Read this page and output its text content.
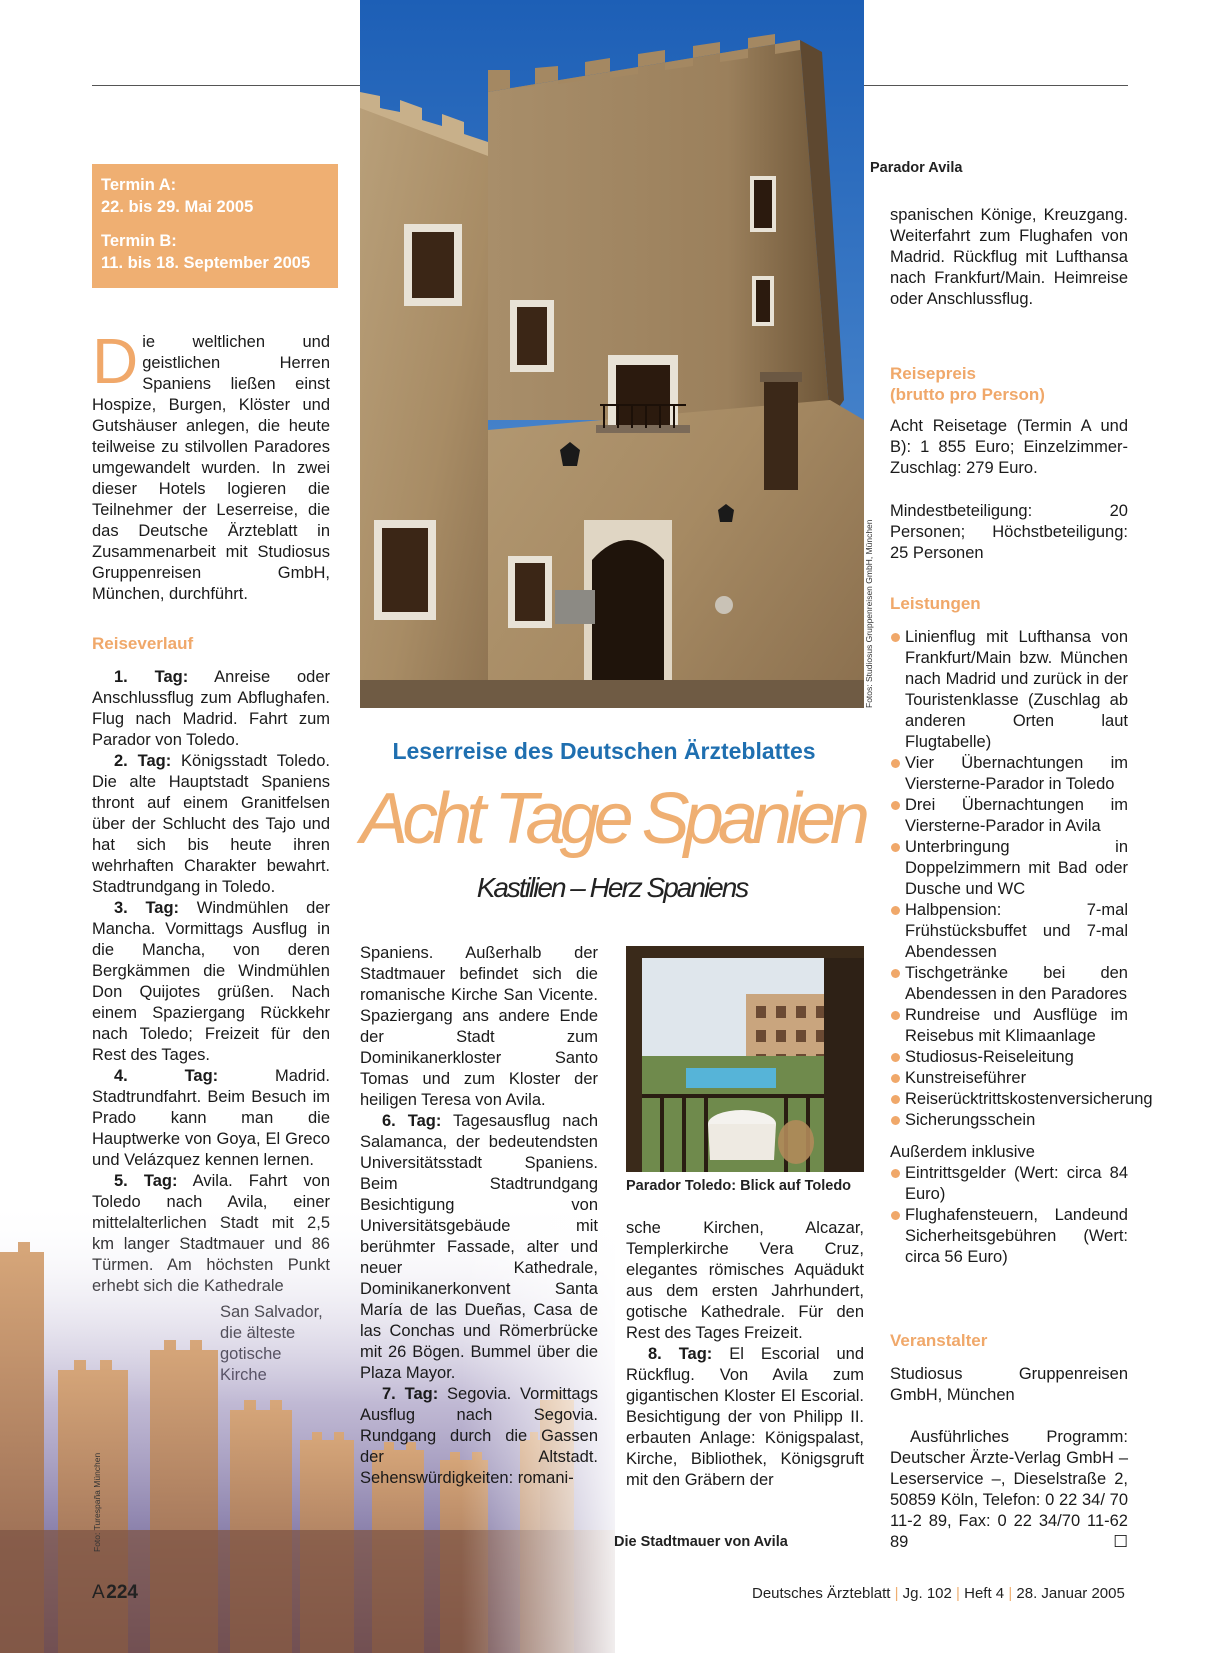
Fotos: Studiosus Gruppenreisen GmbH, München
Parador Avila
Termin A:
22. bis 29. Mai 2005
Termin B:
11. bis 18. September 2005
Die weltlichen und geistlichen Herren Spaniens ließen einst Hospize, Burgen, Klöster und Gutshäuser anlegen, die heute teilweise zu stilvollen Paradores umgewandelt wurden. In zwei dieser Hotels logieren die Teilnehmer der Leserreise, die das Deutsche Ärzteblatt in Zusammenarbeit mit Studiosus Gruppenreisen GmbH, München, durchführt.
Reiseverlauf

1. Tag: Anreise oder Anschlussflug zum Abflughafen. Flug nach Madrid. Fahrt zum Parador von Toledo.

2. Tag: Königsstadt Toledo. Die alte Hauptstadt Spaniens thront auf einem Granitfelsen über der Schlucht des Tajo und hat sich bis heute ihren wehrhaften Charakter bewahrt. Stadtrundgang in Toledo.

3. Tag: Windmühlen der Mancha. Vormittags Ausflug in die Mancha, von deren Bergkämmen die Windmühlen Don Quijotes grüßen. Nach einem Spaziergang Rückkehr nach Toledo; Freizeit für den Rest des Tages.

4. Tag: Madrid. Stadtrundfahrt. Beim Besuch im Prado kann man die Hauptwerke von Goya, El Greco und Velázquez kennen lernen.

5. Tag: Avila. Fahrt von

Foto: Turespaña München
Leserreise des Deutschen Ärzteblattes
Acht Tage Spanien
Kastilien – Herz Spaniens

Spaniens. Außerhalb der Stadtmauer befindet sich die romanische Kirche San Vicente. Spaziergang ans andere Ende der Stadt zum Dominikanerkloster Santo Tomas und zum Kloster der heiligen Teresa von Avila.

6. Tag: Tagesausflug nach Salamanca, der bedeutendsten Universitätsstadt Spaniens. Beim Stadtrundgang Besichtigung von Universitätsgebäude mit berühmter Fassade, alter und neuer Kathedrale, Dominikanerkonvent Santa María de las Dueñas, Casa de las Conchas und Römerbrücke mit 26 Bögen. Bummel über die Plaza Mayor.

7. Tag: Segovia. Vormittags Ausflug nach Segovia. Rundgang durch die Gassen der Altstadt. Sehenswürdigkeiten: romani-

Parador Toledo: Blick auf Toledo

sche Kirchen, Alcazar, Templerkirche Vera Cruz, elegantes römisches Aquädukt aus dem ersten Jahrhundert, gotische Kathedrale. Für den Rest des Tages Freizeit.

8. Tag: El Escorial und Rückflug. Von Avila zum gigantischen Kloster El Escorial. Besichtigung der von Philipp II. erbauten Anlage: Königspalast, Kirche, Bibliothek, Königsgruft mit den Gräbern der

Die Stadtmauer von Avila
spanischen Könige, Kreuzgang. Weiterfahrt zum Flughafen von Madrid. Rückflug mit Lufthansa nach Frankfurt/Main. Heimreise oder Anschlussflug.
Reisepreis
(brutto pro Person)
Acht Reisetage (Termin A und B): 1 855 Euro; Einzelzimmer-Zuschlag: 279 Euro.
Mindestbeteiligung: 20 Personen; Höchstbeteiligung: 25 Personen
Leistungen
Linienflug mit Lufthansa von Frankfurt/Main bzw. München nach Madrid und zurück in der Touristenklasse (Zuschlag ab anderen Orten laut Flugtabelle)
Vier Übernachtungen im Viersterne-Parador in Toledo
Drei Übernachtungen im Viersterne-Parador in Avila
Unterbringung in Doppelzimmern mit Bad oder Dusche und WC
Halbpension: 7-mal Frühstücksbuffet und 7-mal Abendessen
Tischgetränke bei den Abendessen in den Paradores
Rundreise und Ausflüge im Reisebus mit Klimaanlage
Studiosus-Reiseleitung
Kunstreiseführer
Reiserücktrittskostenversicherung
Sicherungsschein
Außerdem inklusive
Eintrittsgelder (Wert: circa 84 Euro)
Flughafensteuern, Landeund Sicherheitsgebühren (Wert: circa 56 Euro)
Veranstalter
Studiosus Gruppenreisen GmbH, München
Ausführliches Programm: Deutscher Ärzte-Verlag GmbH – Leserservice –, Dieselstraße 2, 50859 Köln, Telefon: 0 22 34/ 70 11-2 89, Fax: 0 22 34/70 11-62 89	☐
A 224	Deutsches Ärzteblatt | Jg. 102 | Heft 4 | 28. Januar 2005
